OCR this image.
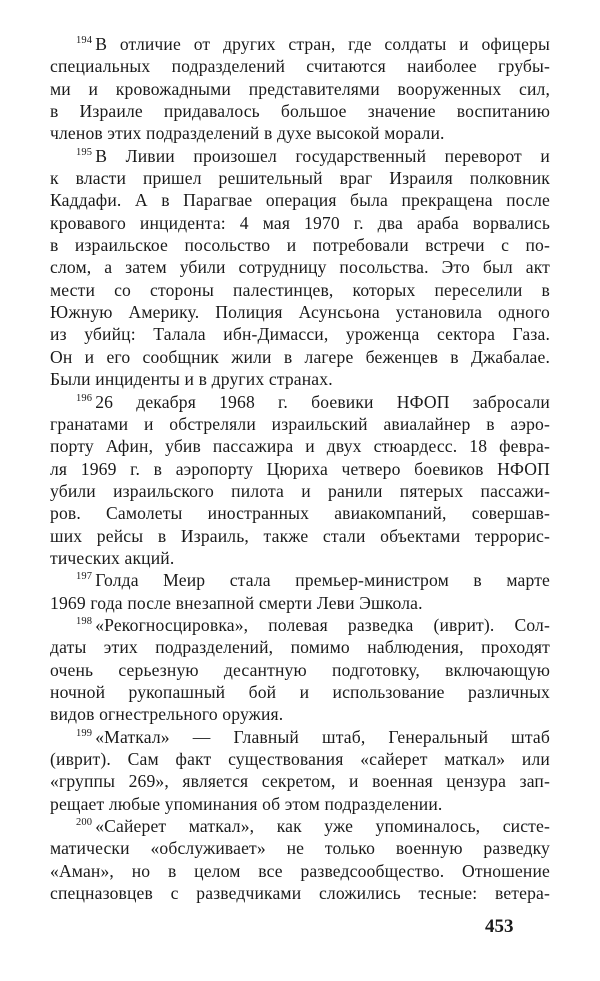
$^{194}$ В отличие от других стран, где солдаты и офицеры
специальных подразделений считаются наиболее грубы-
ми и кровожадными представителями вооруженных сил,
в Израиле придавалось большое значение воспитанию
членов этих подразделений в духе высокой морали.
$^{195}$ В Ливии произошел государственный переворот и
к власти пришел решительный враг Израиля полковник
Каддафи. А в Парагвае операция была прекращена после
кровавого инцидента: 4 мая 1970 г. два араба ворвались
в израильское посольство и потребовали встречи с по-
слом, а затем убили сотрудницу посольства. Это был акт
мести со стороны палестинцев, которых переселили в
Южную Америку. Полиция Асунсьона установила одного
из убийц: Талала ибн-Димасси, уроженца сектора Газа.
Он и его сообщник жили в лагере беженцев в Джабалае.
Были инциденты и в других странах.
$^{196}$ 26 декабря 1968 г. боевики НФОП забросали
гранатами и обстреляли израильский авиалайнер в аэро-
порту Афин, убив пассажира и двух стюардесс. 18 февра-
ля 1969 г. в аэропорту Цюриха четверо боевиков НФОП
убили израильского пилота и ранили пятерых пассажи-
ров. Самолеты иностранных авиакомпаний, совершав-
ших рейсы в Израиль, также стали объектами террорис-
тических акций.
$^{197}$ Голда Меир стала премьер-министром в марте
1969 года после внезапной смерти Леви Эшкола.
$^{198}$ «Рекогносцировка», полевая разведка (иврит). Сол-
даты этих подразделений, помимо наблюдения, проходят
очень серьезную десантную подготовку, включающую
ночной рукопашный бой и использование различных
видов огнестрельного оружия.
$^{199}$ «Маткал» — Главный штаб, Генеральный штаб
(иврит). Сам факт существования «сайерет маткал» или
«группы 269», является секретом, и военная цензура зап-
рещает любые упоминания об этом подразделении.
$^{200}$ «Сайерет маткал», как уже упоминалось, систе-
матически «обслуживает» не только военную разведку
«Аман», но в целом все разведсообщество. Отношение
спецназовцев с разведчиками сложились тесные: ветера-
453
